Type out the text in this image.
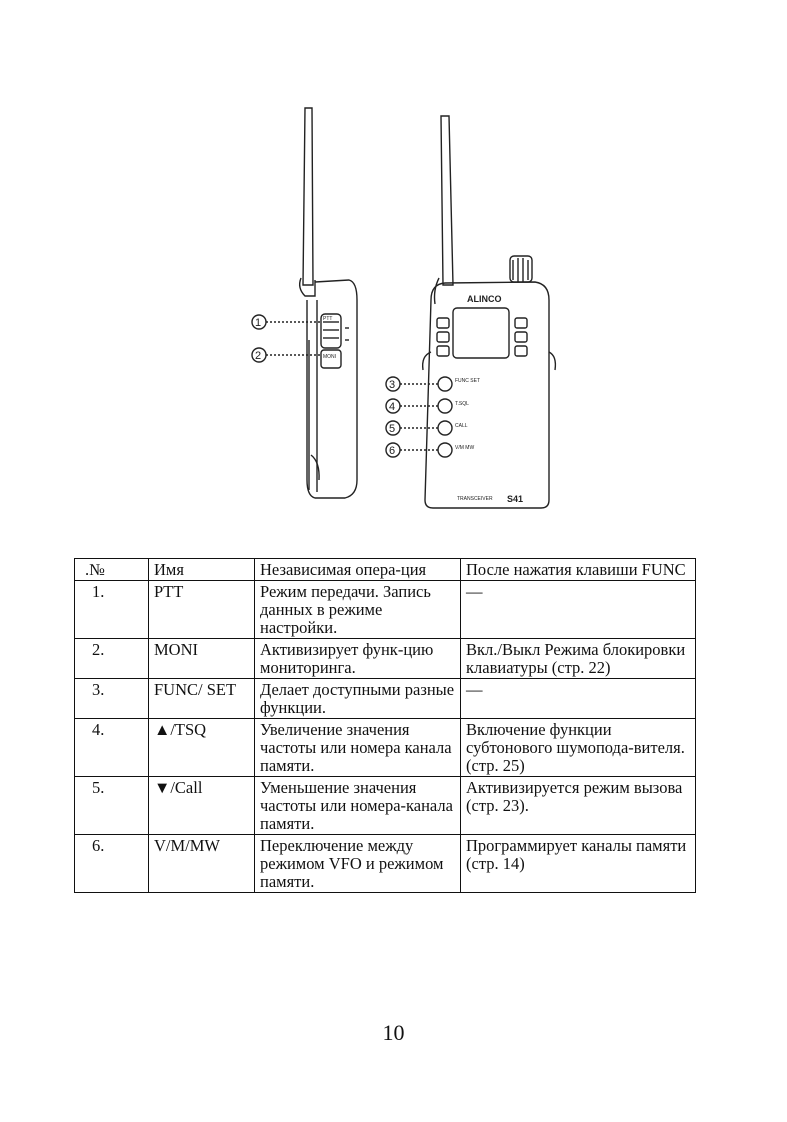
PTT
MONI
1
2
ALINCO
FUNC SET
T.SQL
CALL
V/M MW
TRANSCEIVER S41
3
4
5
6
.№	Имя	Независимая опера-ция	После нажатия клавиши FUNC
1.	PTT	Режим передачи. Запись данных в режиме настройки.	—
2.	MONI	Активизирует функ-цию мониторинга.	Вкл./Выкл Режима блокировки клавиатуры (стр. 22)
3.	FUNC/ SET	Делает доступными разные функции.	—
4.	▲/TSQ	Увеличение значения частоты или номера канала памяти.	Включение функции субтонового шумопода-вителя. (стр. 25)
5.	▼/Call	Уменьшение значения частоты или номера-канала памяти.	Активизируется режим вызова (стр. 23).
6.	V/M/MW	Переключение между режимом VFO и режимом памяти.	Программирует каналы памяти (стр. 14)
10
